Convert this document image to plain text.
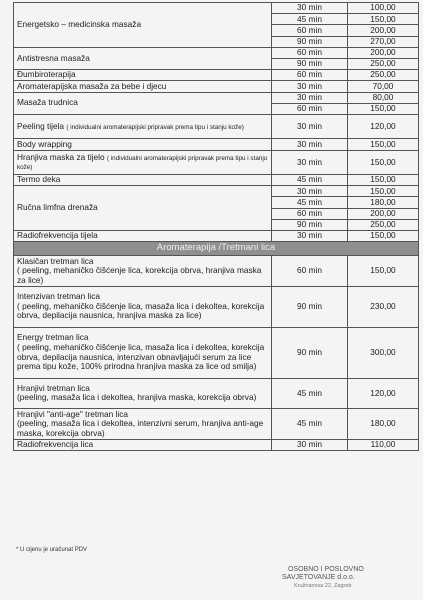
Energetsko – medicinska masaža	30 min	100,00
	45 min	150,00
	60 min	200,00
	90 min	270,00
Antistresna masaža	60 min	200,00
	90 min	250,00
Đumbiroterapija	60 min	250,00
Aromaterapijska masaža za bebe i djecu	30 min	70,00
Masaža trudnica	30 min	80,00
	60 min	150,00
Peeling tijela ( individualni aromaterapijski pripravak prema tipu i stanju kože)	30 min	120,00
Body wrapping	30 min	150,00
Hranjiva maska za tijelo ( individualni aromaterapijski pripravak prema tipu i stanju kože)	30 min	150,00
Termo deka	45 min	150,00
Ručna limfna drenaža	30 min	150,00
	45 min	180,00
	60 min	200,00
	90 min	250,00
Radiofrekvencija tijela	30 min	150,00
Aromaterapija /Tretmani lica		
Klasičan tretman lica
( peeling, mehaničko čišćenje lica, korekcija obrva, hranjiva maska za lice)	60 min	150,00
Intenzivan tretman lica
( peeling, mehaničko čišćenje lica, masaža lica i dekoltea, korekcija obrva, depilacija nausnica, hranjiva maska za lice)	90 min	230,00
Energy tretman lica
( peeling, mehaničko čišćenje lica, masaža lica i dekoltea, korekcija obrva, depilacija nausnica, intenzivan obnavljajući serum za lice prema tipu kože, 100% prirodna hranjiva maska za lice od smilja)	90 min	300,00
Hranjivi tretman lica
(peeling, masaža lica i dekoltea, hranjiva maska, korekcija obrva)	45 min	120,00
Hranjivi "anti-age" tretman lica
(peeling, masaža lica i dekoltea, intenzivni serum, hranjiva anti-age maska, korekcija obrva)	45 min	180,00
Radiofrekvencija lica	30 min	110,00
* U cijenu je uračunat PDV
OSOBNO I POSLOVNO
SAVJETOVANJE d.o.o.
Kružnanova 22, Zagreb
